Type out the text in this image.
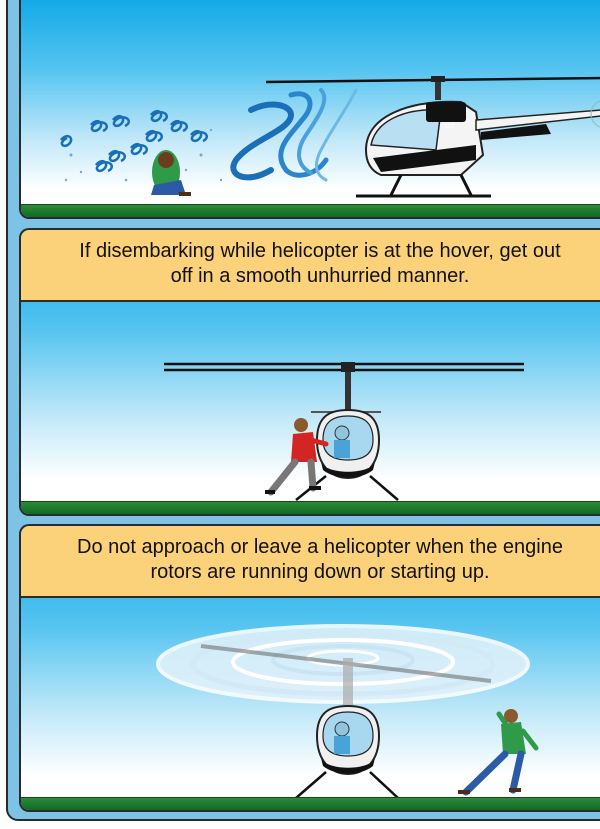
N22
If disembarking while helicopter is at the hover, get out
off in a smooth unhurried manner.
Do not approach or leave a helicopter when the engine
rotors are running down or starting up.
